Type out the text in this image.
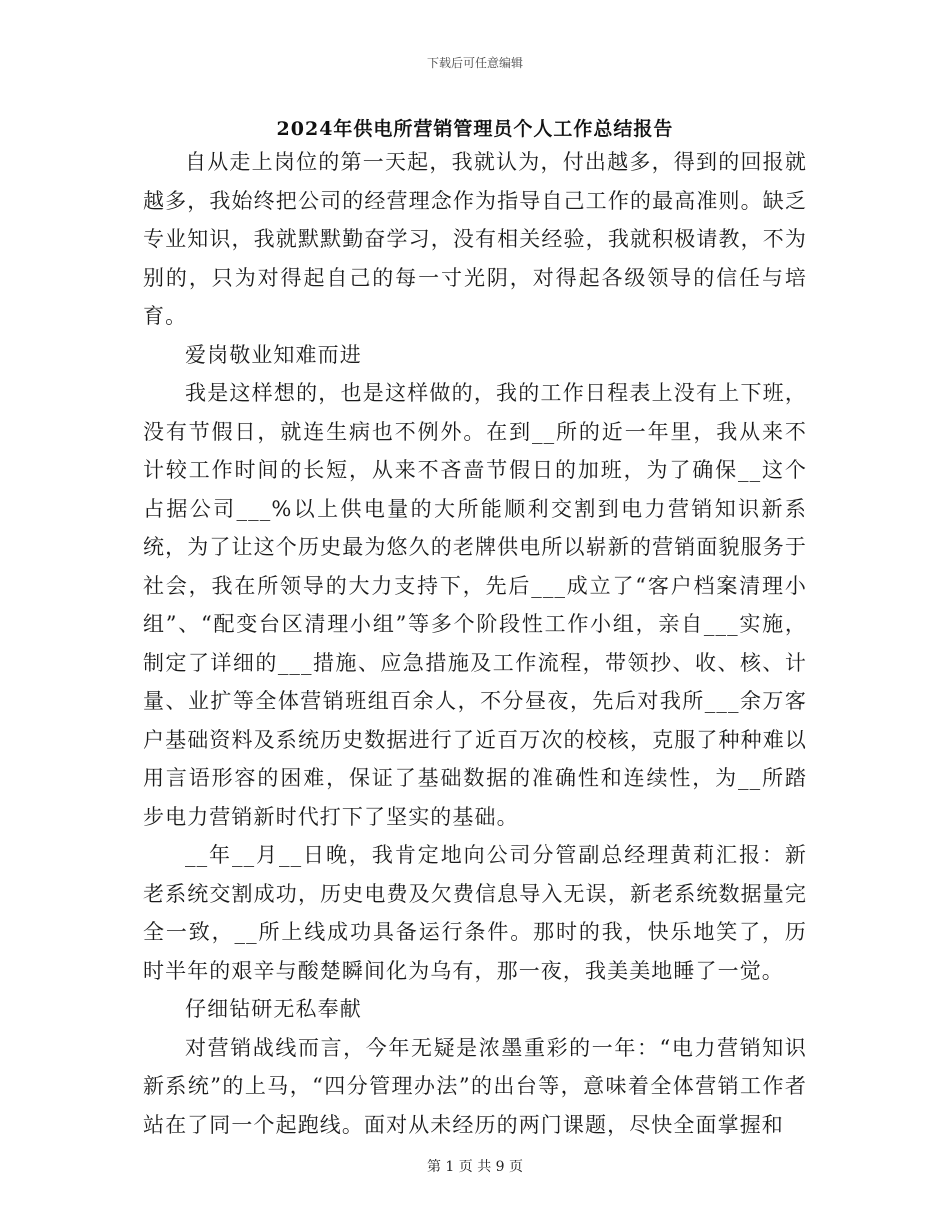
下载后可任意编辑
2024年供电所营销管理员个人工作总结报告

自从走上岗位的第一天起，我就认为，付出越多，得到的回报就越多，我始终把公司的经营理念作为指导自己工作的最高准则。缺乏专业知识，我就默默勤奋学习，没有相关经验，我就积极请教，不为别的，只为对得起自己的每一寸光阴，对得起各级领导的信任与培育。

爱岗敬业知难而进

我是这样想的，也是这样做的，我的工作日程表上没有上下班，没有节假日，就连生病也不例外。在到__所的近一年里，我从来不计较工作时间的长短，从来不吝啬节假日的加班，为了确保__这个占据公司___%以上供电量的大所能顺利交割到电力营销知识新系统，为了让这个历史最为悠久的老牌供电所以崭新的营销面貌服务于社会，我在所领导的大力支持下，先后___成立了“客户档案清理小组”、“配变台区清理小组”等多个阶段性工作小组，亲自___实施，制定了详细的___措施、应急措施及工作流程，带领抄、收、核、计量、业扩等全体营销班组百余人，不分昼夜，先后对我所___余万客户基础资料及系统历史数据进行了近百万次的校核，克服了种种难以用言语形容的困难，保证了基础数据的准确性和连续性，为__所踏步电力营销新时代打下了坚实的基础。

__年__月__日晚，我肯定地向公司分管副总经理黄莉汇报：新老系统交割成功，历史电费及欠费信息导入无误，新老系统数据量完全一致，__所上线成功具备运行条件。那时的我，快乐地笑了，历时半年的艰辛与酸楚瞬间化为乌有，那一夜，我美美地睡了一觉。

仔细钻研无私奉献

对营销战线而言，今年无疑是浓墨重彩的一年：“电力营销知识新系统”的上马，“四分管理办法”的出台等，意味着全体营销工作者站在了同一个起跑线。面对从未经历的两门课题，尽快全面掌握和

第 1 页 共 9 页
